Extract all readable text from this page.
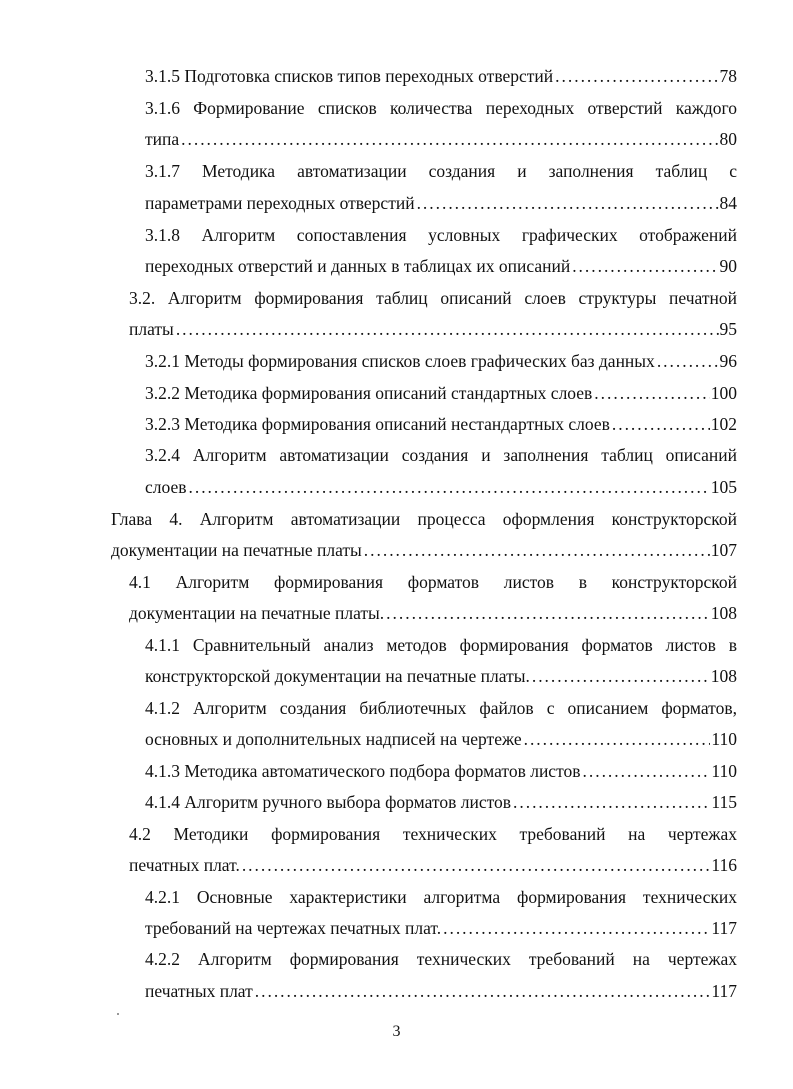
3.1.5 Подготовка списков типов переходных отверстий . . .	78
3.1.6 Формирование списков количества переходных отверстий каждого
типа . . .	80
3.1.7 Методика автоматизации создания и заполнения таблиц с
параметрами переходных отверстий . . .	84
3.1.8 Алгоритм сопоставления условных графических отображений
переходных отверстий и данных в таблицах их описаний . . .	90
3.2. Алгоритм формирования таблиц описаний слоев структуры печатной
платы . . .	95
3.2.1 Методы формирования списков слоев графических баз данных . . .	96
3.2.2 Методика формирования описаний стандартных слоев . . .	100
3.2.3 Методика формирования описаний нестандартных слоев . . .	102
3.2.4 Алгоритм автоматизации создания и заполнения таблиц описаний
слоев . . .	105
Глава 4. Алгоритм автоматизации процесса оформления конструкторской
документации на печатные платы . . .	107
4.1 Алгоритм формирования форматов листов в конструкторской
документации на печатные платы. . . .	108
4.1.1 Сравнительный анализ методов формирования форматов листов в
конструкторской документации на печатные платы. . . .	108
4.1.2 Алгоритм создания библиотечных файлов с описанием форматов,
основных и дополнительных надписей на чертеже . . .	110
4.1.3 Методика автоматического подбора форматов листов . . .	110
4.1.4 Алгоритм ручного выбора форматов листов . . .	115
4.2 Методики формирования технических требований на чертежах
печатных плат. . . .	116
4.2.1 Основные характеристики алгоритма формирования технических
требований на чертежах печатных плат. . . .	117
4.2.2 Алгоритм формирования технических требований на чертежах
печатных плат . . .	117
3
